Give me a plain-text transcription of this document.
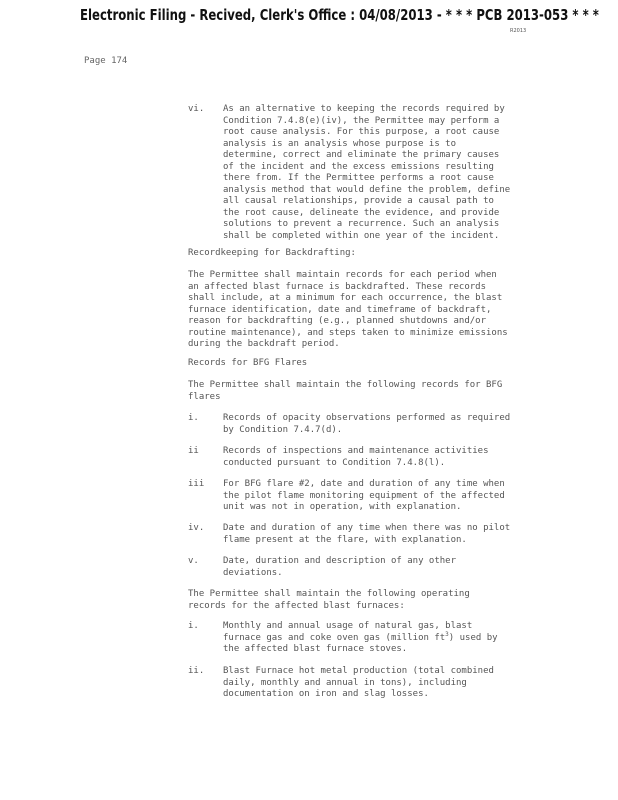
Electronic Filing - Recived, Clerk's Office : 04/08/2013 - * * * PCB 2013-053 * * *
R2013
Page 174
vi.	As an alternative to keeping the records required by
Condition 7.4.8(e)(iv), the Permittee may perform a
root cause analysis. For this purpose, a root cause
analysis is an analysis whose purpose is to
determine, correct and eliminate the primary causes
of the incident and the excess emissions resulting
there from. If the Permittee performs a root cause
analysis method that would define the problem, define
all causal relationships, provide a causal path to
the root cause, delineate the evidence, and provide
solutions to prevent a recurrence. Such an analysis
shall be completed within one year of the incident.

Recordkeeping for Backdrafting:

The Permittee shall maintain records for each period when
an affected blast furnace is backdrafted. These records
shall include, at a minimum for each occurrence, the blast
furnace identification, date and timeframe of backdraft,
reason for backdrafting (e.g., planned shutdowns and/or
routine maintenance), and steps taken to minimize emissions
during the backdraft period.

Records for BFG Flares

The Permittee shall maintain the following records for BFG
flares

i.	Records of opacity observations performed as required
by Condition 7.4.7(d).
ii	Records of inspections and maintenance activities
conducted pursuant to Condition 7.4.8(l).
iii	For BFG flare #2, date and duration of any time when
the pilot flame monitoring equipment of the affected
unit was not in operation, with explanation.
iv.	Date and duration of any time when there was no pilot
flame present at the flare, with explanation.
v.	Date, duration and description of any other
deviations.

The Permittee shall maintain the following operating
records for the affected blast furnaces:

i.	Monthly and annual usage of natural gas, blast
furnace gas and coke oven gas (million $ft^3$) used by
the affected blast furnace stoves.
ii.	Blast Furnace hot metal production (total combined
daily, monthly and annual in tons), including
documentation on iron and slag losses.
